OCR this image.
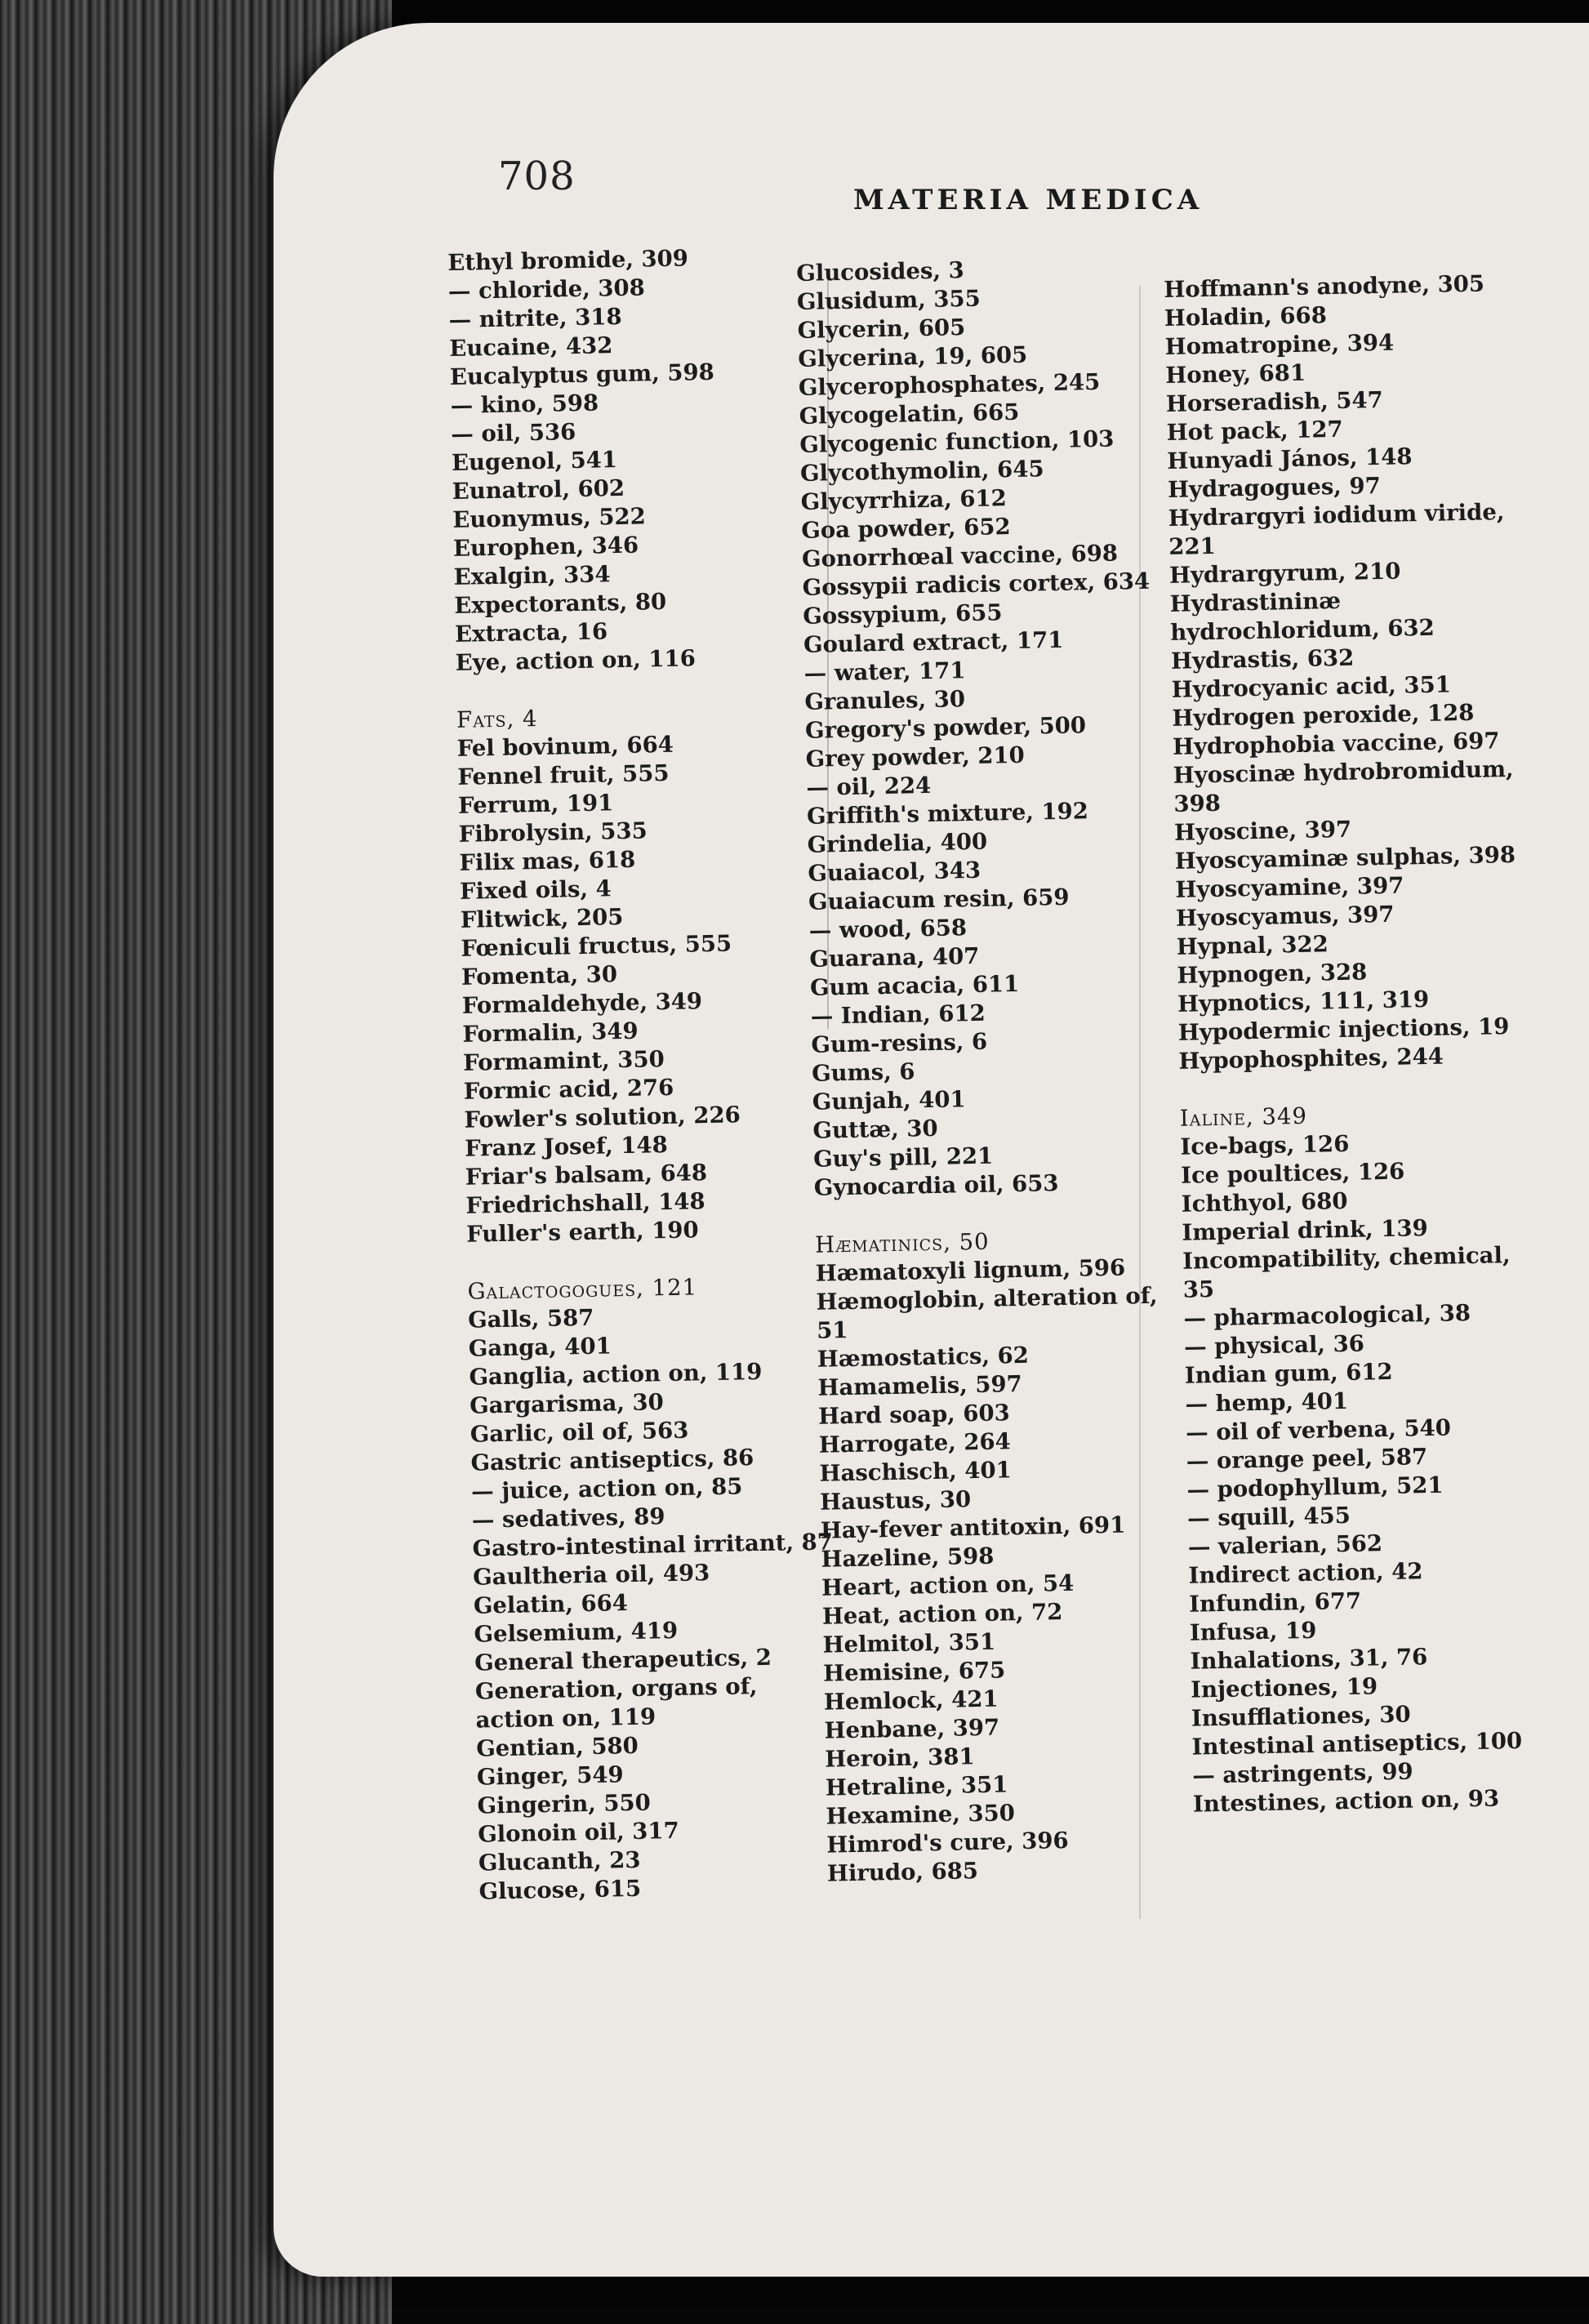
708
MATERIA MEDICA
Ethyl bromide, 309
— chloride, 308
— nitrite, 318
Eucaine, 432
Eucalyptus gum, 598
— kino, 598
— oil, 536
Eugenol, 541
Eunatrol, 602
Euonymus, 522
Europhen, 346
Exalgin, 334
Expectorants, 80
Extracta, 16
Eye, action on, 116
Fats, 4
Fel bovinum, 664
Fennel fruit, 555
Ferrum, 191
Fibrolysin, 535
Filix mas, 618
Fixed oils, 4
Flitwick, 205
Fœniculi fructus, 555
Fomenta, 30
Formaldehyde, 349
Formalin, 349
Formamint, 350
Formic acid, 276
Fowler's solution, 226
Franz Josef, 148
Friar's balsam, 648
Friedrichshall, 148
Fuller's earth, 190
Galactogogues, 121
Galls, 587
Ganga, 401
Ganglia, action on, 119
Gargarisma, 30
Garlic, oil of, 563
Gastric antiseptics, 86
— juice, action on, 85
— sedatives, 89
Gastro-intestinal irritant, 87
Gaultheria oil, 493
Gelatin, 664
Gelsemium, 419
General therapeutics, 2
Generation, organs of, action on, 119
Gentian, 580
Ginger, 549
Gingerin, 550
Glonoin oil, 317
Glucanth, 23
Glucose, 615
Glucosides, 3
Glusidum, 355
Glycerin, 605
Glycerina, 19, 605
Glycerophosphates, 245
Glycogelatin, 665
Glycogenic function, 103
Glycothymolin, 645
Glycyrrhiza, 612
Goa powder, 652
Gonorrhœal vaccine, 698
Gossypii radicis cortex, 634
Gossypium, 655
Goulard extract, 171
— water, 171
Granules, 30
Gregory's powder, 500
Grey powder, 210
— oil, 224
Griffith's mixture, 192
Grindelia, 400
Guaiacol, 343
Guaiacum resin, 659
— wood, 658
Guarana, 407
Gum acacia, 611
— Indian, 612
Gum-resins, 6
Gums, 6
Gunjah, 401
Guttæ, 30
Guy's pill, 221
Gynocardia oil, 653
Hæmatinics, 50
Hæmatoxyli lignum, 596
Hæmoglobin, alteration of, 51
Hæmostatics, 62
Hamamelis, 597
Hard soap, 603
Harrogate, 264
Haschisch, 401
Haustus, 30
Hay-fever antitoxin, 691
Hazeline, 598
Heart, action on, 54
Heat, action on, 72
Helmitol, 351
Hemisine, 675
Hemlock, 421
Henbane, 397
Heroin, 381
Hetraline, 351
Hexamine, 350
Himrod's cure, 396
Hirudo, 685
Hoffmann's anodyne, 305
Holadin, 668
Homatropine, 394
Honey, 681
Horseradish, 547
Hot pack, 127
Hunyadi János, 148
Hydragogues, 97
Hydrargyri iodidum viride, 221
Hydrargyrum, 210
Hydrastininæ hydrochloridum, 632
Hydrastis, 632
Hydrocyanic acid, 351
Hydrogen peroxide, 128
Hydrophobia vaccine, 697
Hyoscinæ hydrobromidum, 398
Hyoscine, 397
Hyoscyaminæ sulphas, 398
Hyoscyamine, 397
Hyoscyamus, 397
Hypnal, 322
Hypnogen, 328
Hypnotics, 111, 319
Hypodermic injections, 19
Hypophosphites, 244
Ialine, 349
Ice-bags, 126
Ice poultices, 126
Ichthyol, 680
Imperial drink, 139
Incompatibility, chemical, 35
— pharmacological, 38
— physical, 36
Indian gum, 612
— hemp, 401
— oil of verbena, 540
— orange peel, 587
— podophyllum, 521
— squill, 455
— valerian, 562
Indirect action, 42
Infundin, 677
Infusa, 19
Inhalations, 31, 76
Injectiones, 19
Insufflationes, 30
Intestinal antiseptics, 100
— astringents, 99
Intestines, action on, 93
